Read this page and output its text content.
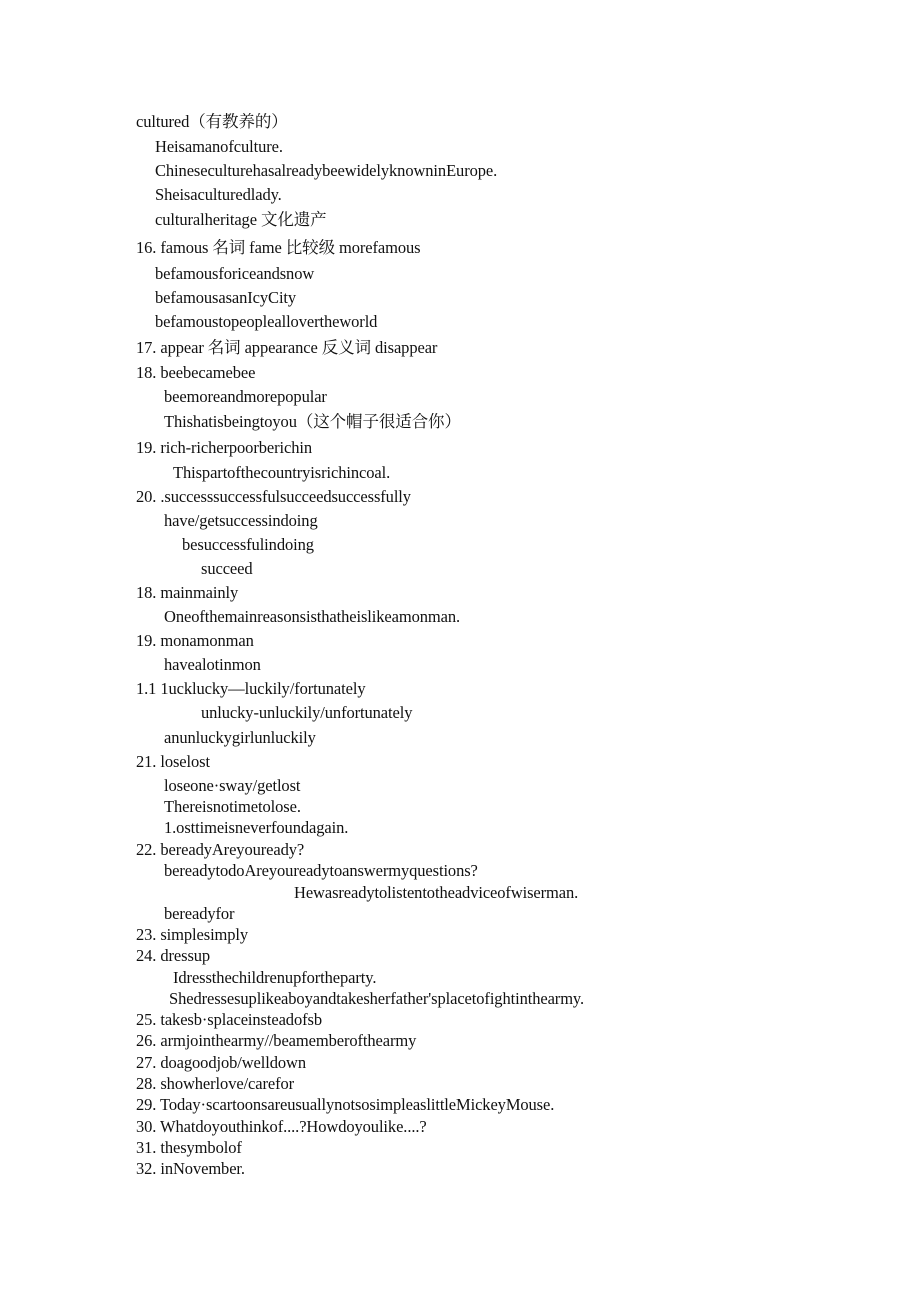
cultured（有教养的）
Heisamanofculture.
ChineseculturehasalreadybeewidelyknowninEurope.
Sheisaculturedlady.
culturalheritage 文化遗产
16. famous 名词 fame 比较级 morefamous
befamousforiceandsnow
befamousasanIcyCity
befamoustopeopleallovertheworld
17. appear 名词 appearance 反义词 disappear
18. beebecamebee
beemoreandmorepopular
Thishatisbeingtoyou（这个帽子很适合你）
19. rich-richerpoorberichin
Thispartofthecountryisrichincoal.
20. .successsuccessfulsucceedsuccessfully
have/getsuccessindoing
besuccessfulindoing
succeed
18. mainmainly
Oneofthemainreasonsisthatheislikeamonman.
19. monamonman
havealotinmon
1.1 1ucklucky—luckily/fortunately
unlucky-unluckily/unfortunately
anunluckygirlunluckily
21. loselost
loseone·sway/getlost
Thereisnotimetolose.
1.osttimeisneverfoundagain.
22. bereadyAreyouready?
bereadytodoAreyoureadytoanswermyquestions?
Hewasreadytolistentotheadviceofwiserman.
bereadyfor
23. simplesimply
24. dressup
Idressthechildrenupfortheparty.
Shedressesuplikeaboyandtakesherfather'splacetofightinthearmy.
25. takesb·splaceinsteadofsb
26. armjointhearmy//beamemberofthearmy
27. doagoodjob/welldown
28. showherlove/carefor
29. Today·scartoonsareusuallynotsosimpleaslittleMickeyMouse.
30. Whatdoyouthinkof....?Howdoyoulike....?
31. thesymbolof
32. inNovember.
